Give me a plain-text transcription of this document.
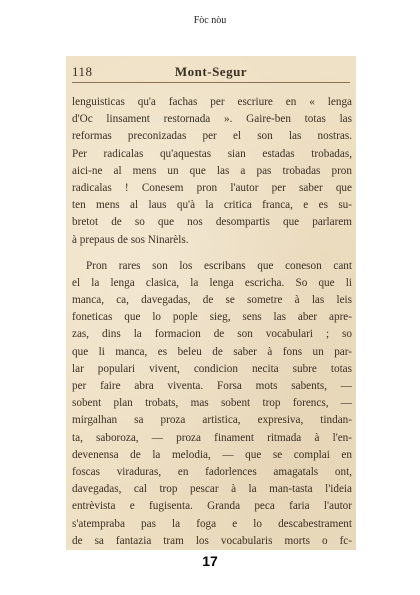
Fòc nòu
118	Mont-Segur
lenguisticas qu'a fachas per escriure en « lenga
d'Oc linsament restornada ». Gaire-ben totas las
reformas preconizadas per el son las nostras.
Per radicalas qu'aquestas sian estadas trobadas,
aici-ne al mens un que las a pas trobadas pron
radicalas ! Conesem pron l'autor per saber que
ten mens al laus qu'à la critica franca, e es su-
bretot de so que nos desompartis que parlarem
à prepaus de sos Ninarèls.
Pron rares son los escribans que coneson cant
el la lenga clasica, la lenga escricha. So que li
manca, ca, davegadas, de se sometre à las leis
foneticas que lo pople sieg, sens las aber apre-
zas, dins la formacion de son vocabulari ; so
que li manca, es beleu de saber à fons un par-
lar populari vivent, condicion necita subre totas
per faire abra viventa. Forsa mots sabents, —
sobent plan trobats, mas sobent trop forencs, —
mirgalhan sa proza artistica, expresiva, tindan-
ta, saboroza, — proza finament ritmada à l'en-
devenensa de la melodia, — que se complai en
foscas viraduras, en fadorlences amagatals ont,
davegadas, cal trop pescar à la man-tasta l'ideia
entrèvista e fugisenta. Granda peca faria l'autor
s'atempraba pas la foga e lo descabestrament
de sa fantazia tram los vocabularis morts o fc-
17
